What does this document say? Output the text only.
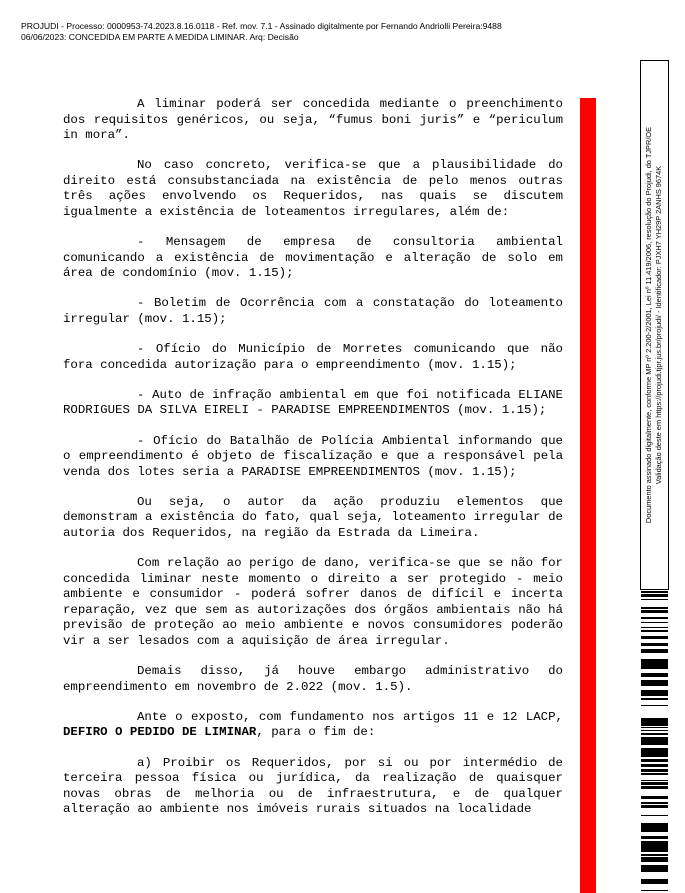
PROJUDI - Processo: 0000953-74.2023.8.16.0118 - Ref. mov. 7.1 - Assinado digitalmente por Fernando Andriolli Pereira:9488
06/06/2023: CONCEDIDA EM PARTE A MEDIDA LIMINAR. Arq: Decisão

A liminar poderá ser concedida mediante o preenchimento dos requisitos genéricos, ou seja, “fumus boni juris” e “periculum in mora”.

No caso concreto, verifica-se que a plausibilidade do direito está consubstanciada na existência de pelo menos outras três ações envolvendo os Requeridos, nas quais se discutem igualmente a existência de loteamentos irregulares, além de:

- Mensagem de empresa de consultoria ambiental comunicando a existência de movimentação e alteração de solo em área de condomínio (mov. 1.15);

- Boletim de Ocorrência com a constatação do loteamento irregular (mov. 1.15);

- Ofício do Município de Morretes comunicando que não fora concedida autorização para o empreendimento (mov. 1.15);

- Auto de infração ambiental em que foi notificada ELIANE RODRIGUES DA SILVA EIRELI - PARADISE EMPREENDIMENTOS (mov. 1.15);

- Ofício do Batalhão de Polícia Ambiental informando que o empreendimento é objeto de fiscalização e que a responsável pela venda dos lotes seria a PARADISE EMPREENDIMENTOS (mov. 1.15);

Ou seja, o autor da ação produziu elementos que demonstram a existência do fato, qual seja, loteamento irregular de autoria dos Requeridos, na região da Estrada da Limeira.

Com relação ao perigo de dano, verifica-se que se não for concedida liminar neste momento o direito a ser protegido - meio ambiente e consumidor - poderá sofrer danos de difícil e incerta reparação, vez que sem as autorizações dos órgãos ambientais não há previsão de proteção ao meio ambiente e novos consumidores poderão vir a ser lesados com a aquisição de área irregular.

Demais disso, já houve embargo administrativo do empreendimento em novembro de 2.022 (mov. 1.5).

Ante o exposto, com fundamento nos artigos 11 e 12 LACP, DEFIRO O PEDIDO DE LIMINAR, para o fim de:

a) Proibir os Requeridos, por si ou por intermédio de terceira pessoa física ou jurídica, da realização de quaisquer novas obras de melhoria ou de infraestrutura, e de qualquer alteração ao ambiente nos imóveis rurais situados na localidade

Documento assinado digitalmente, conforme MP nº 2.200-2/2001, Lei nº 11.419/2006, resolução do Projudi, do TJPR/OE Validação deste em https://projudi.tjpr.jus.br/projudi/ - Identificador: PJXH7 YH29P 2ANHS 9674K
